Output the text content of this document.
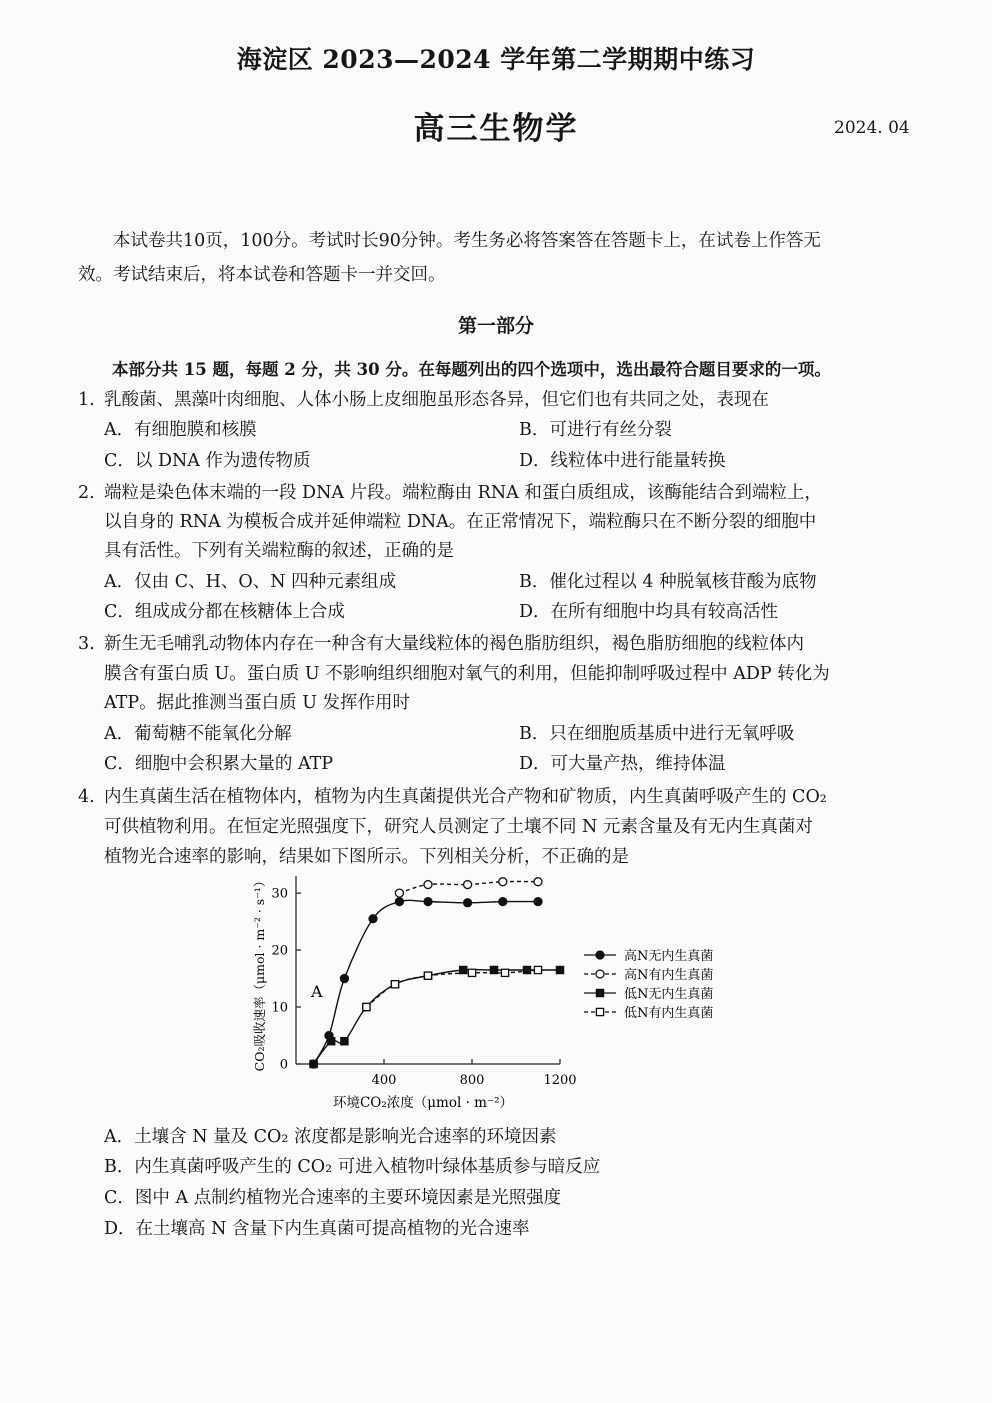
海淀区 2023—2024 学年第二学期期中练习
高三生物学	2024. 04
本试卷共10页，100分。考试时长90分钟。考生务必将答案答在答题卡上，在试卷上作答无
效。考试结束后，将本试卷和答题卡一并交回。
第一部分
本部分共 15 题，每题 2 分，共 30 分。在每题列出的四个选项中，选出最符合题目要求的一项。
1. 乳酸菌、黑藻叶肉细胞、人体小肠上皮细胞虽形态各异，但它们也有共同之处，表现在
A．有细胞膜和核膜	B．可进行有丝分裂
C．以 DNA 作为遗传物质	D．线粒体中进行能量转换
2. 端粒是染色体末端的一段 DNA 片段。端粒酶由 RNA 和蛋白质组成，该酶能结合到端粒上，
以自身的 RNA 为模板合成并延伸端粒 DNA。在正常情况下，端粒酶只在不断分裂的细胞中
具有活性。下列有关端粒酶的叙述，正确的是
A．仅由 C、H、O、N 四种元素组成	B．催化过程以 4 种脱氧核苷酸为底物
C．组成成分都在核糖体上合成	D．在所有细胞中均具有较高活性
3. 新生无毛哺乳动物体内存在一种含有大量线粒体的褐色脂肪组织，褐色脂肪细胞的线粒体内
膜含有蛋白质 U。蛋白质 U 不影响组织细胞对氧气的利用，但能抑制呼吸过程中 ADP 转化为
ATP。据此推测当蛋白质 U 发挥作用时
A．葡萄糖不能氧化分解	B．只在细胞质基质中进行无氧呼吸
C．细胞中会积累大量的 ATP	D．可大量产热，维持体温
4. 内生真菌生活在植物体内，植物为内生真菌提供光合产物和矿物质，内生真菌呼吸产生的 CO₂
可供植物利用。在恒定光照强度下，研究人员测定了土壤不同 N 元素含量及有无内生真菌对
植物光合速率的影响，结果如下图所示。下列相关分析，不正确的是
0
10
20
30
400	800	1200
A
环境CO₂浓度（μmol · m⁻²）
CO₂吸收速率（μmol · m⁻² · s⁻¹）	高N无内生真菌
高N有内生真菌
低N无内生真菌
低N有内生真菌
A．土壤含 N 量及 CO₂ 浓度都是影响光合速率的环境因素
B．内生真菌呼吸产生的 CO₂ 可进入植物叶绿体基质参与暗反应
C．图中 A 点制约植物光合速率的主要环境因素是光照强度
D．在土壤高 N 含量下内生真菌可提高植物的光合速率
